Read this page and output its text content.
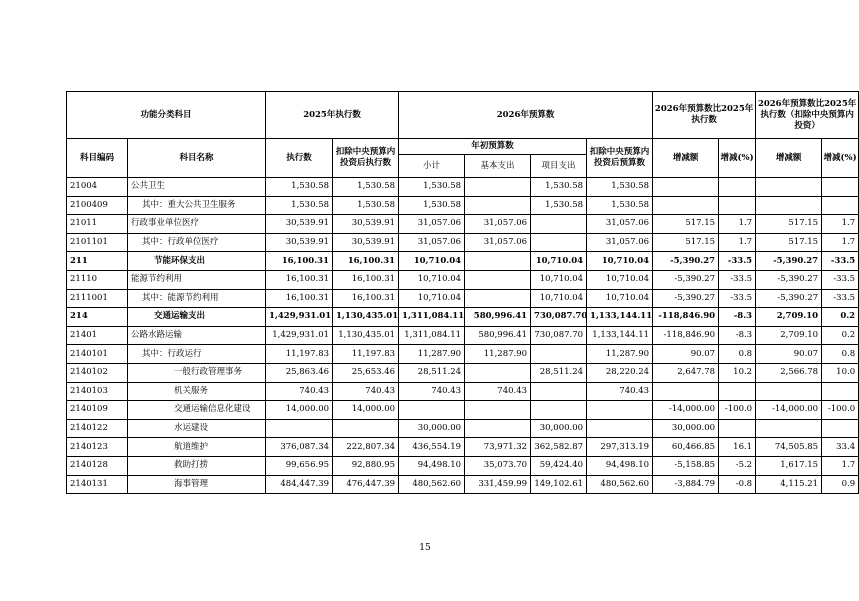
功能分类科目		2025年执行数		2026年预算数				2026年预算数比2025年执行数		2026年预算数比2025年执行数（扣除中央预算内投资）	
科目编码	科目名称	执行数	扣除中央预算内投资后执行数	年初预算数			扣除中央预算内投资后预算数	增减额	增减(%)	增减额	增减(%)
				小计	基本支出	项目支出					
21004	公共卫生	1,530.58	1,530.58	1,530.58		1,530.58	1,530.58				
2100409	其中：重大公共卫生服务	1,530.58	1,530.58	1,530.58		1,530.58	1,530.58				
21011	行政事业单位医疗	30,539.91	30,539.91	31,057.06	31,057.06		31,057.06	517.15	1.7	517.15	1.7
2101101	其中：行政单位医疗	30,539.91	30,539.91	31,057.06	31,057.06		31,057.06	517.15	1.7	517.15	1.7
211	节能环保支出	16,100.31	16,100.31	10,710.04		10,710.04	10,710.04	-5,390.27	-33.5	-5,390.27	-33.5
21110	能源节约利用	16,100.31	16,100.31	10,710.04		10,710.04	10,710.04	-5,390.27	-33.5	-5,390.27	-33.5
2111001	其中：能源节约利用	16,100.31	16,100.31	10,710.04		10,710.04	10,710.04	-5,390.27	-33.5	-5,390.27	-33.5
214	交通运输支出	1,429,931.01	1,130,435.01	1,311,084.11	580,996.41	730,087.70	1,133,144.11	-118,846.90	-8.3	2,709.10	0.2
21401	公路水路运输	1,429,931.01	1,130,435.01	1,311,084.11	580,996.41	730,087.70	1,133,144.11	-118,846.90	-8.3	2,709.10	0.2
2140101	其中：行政运行	11,197.83	11,197.83	11,287.90	11,287.90		11,287.90	90.07	0.8	90.07	0.8
2140102	一般行政管理事务	25,863.46	25,653.46	28,511.24		28,511.24	28,220.24	2,647.78	10.2	2,566.78	10.0
2140103	机关服务	740.43	740.43	740.43	740.43		740.43				
2140109	交通运输信息化建设	14,000.00	14,000.00					-14,000.00	-100.0	-14,000.00	-100.0
2140122	水运建设			30,000.00		30,000.00		30,000.00			
2140123	航道维护	376,087.34	222,807.34	436,554.19	73,971.32	362,582.87	297,313.19	60,466.85	16.1	74,505.85	33.4
2140128	救助打捞	99,656.95	92,880.95	94,498.10	35,073.70	59,424.40	94,498.10	-5,158.85	-5.2	1,617.15	1.7
2140131	海事管理	484,447.39	476,447.39	480,562.60	331,459.99	149,102.61	480,562.60	-3,884.79	-0.8	4,115.21	0.9
15
